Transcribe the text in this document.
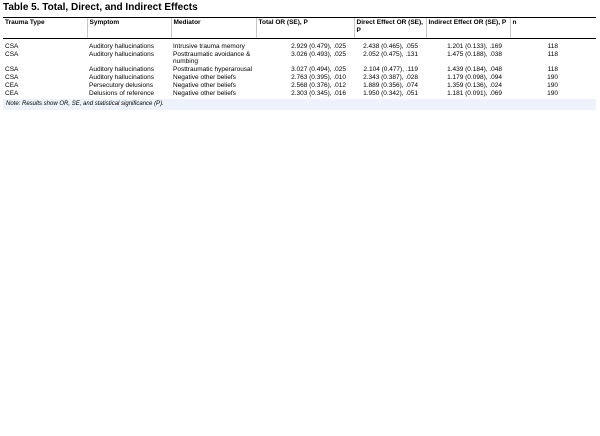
Table 5. Total, Direct, and Indirect Effects
Trauma Type	Symptom	Mediator	Total OR (SE), P	Direct Effect OR (SE), P	Indirect Effect OR (SE), P	n

CSA	Auditory hallucinations	Intrusive trauma memory	2.929 (0.479), .025	2.438 (0.465), .055	1.201 (0.133), .169	118
CSA	Auditory hallucinations	Posttraumatic avoidance & numbing	3.026 (0.493), .025	2.052 (0.475), .131	1.475 (0.188), .038	118
CSA	Auditory hallucinations	Posttraumatic hyperarousal	3.027 (0.494), .025	2.104 (0.477), .119	1.439 (0.184), .048	118
CSA	Auditory hallucinations	Negative other beliefs	2.763 (0.395), .010	2.343 (0.387), .028	1.179 (0.098), .094	190
CEA	Persecutory delusions	Negative other beliefs	2.568 (0.376), .012	1.889 (0.356), .074	1.359 (0.136), .024	190
CEA	Delusions of reference	Negative other beliefs	2.303 (0.345), .016	1.950 (0.342), .051	1.181 (0.091), .069	190
Note: Results show OR, SE, and statistical significance (P).						
